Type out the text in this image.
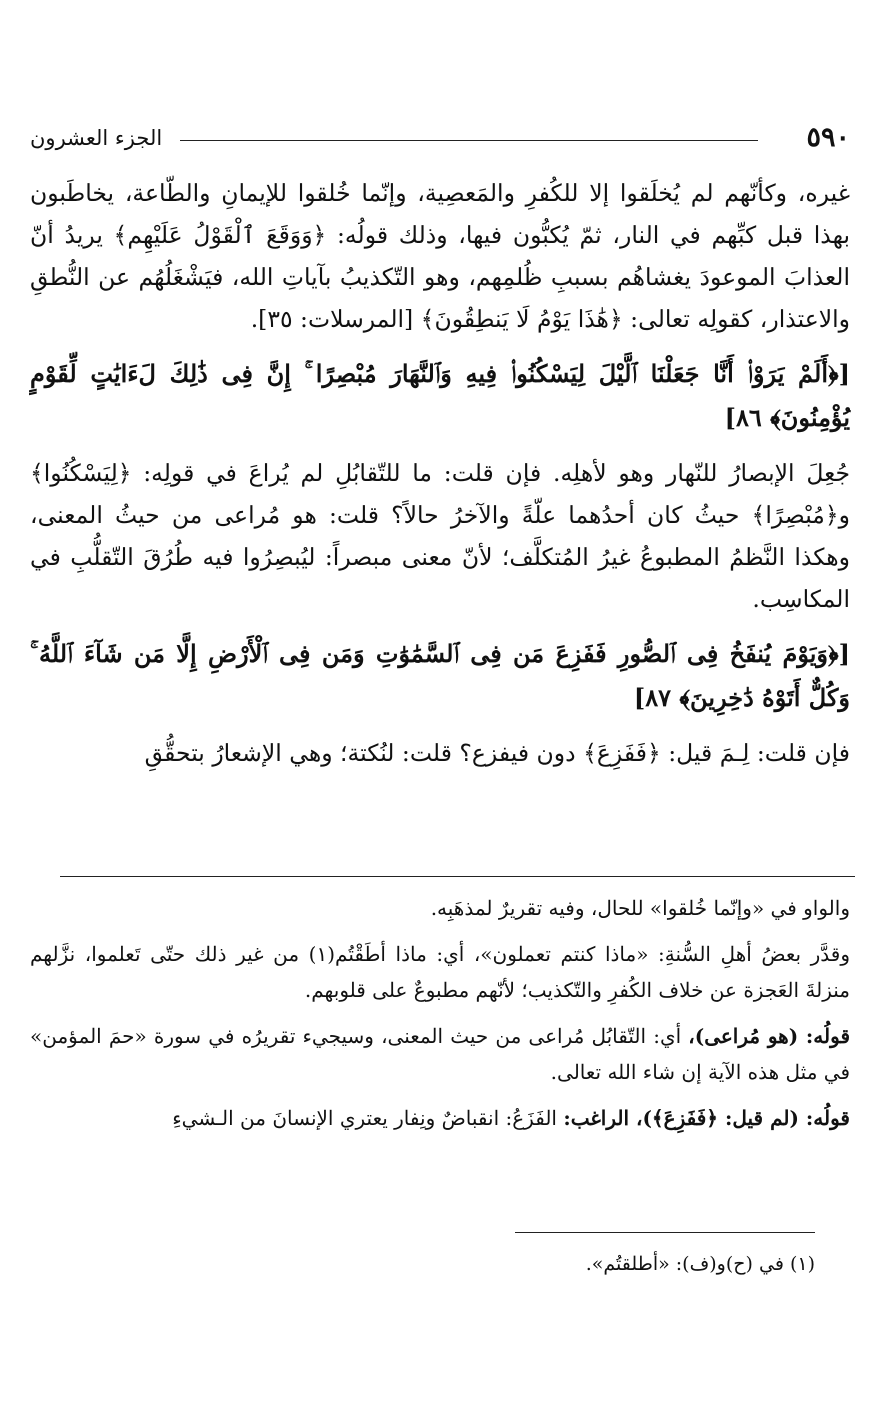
٥٩٠
الجزء العشرون

غيره، وكأنّهم لم يُخلَقوا إلا للكُفرِ والمَعصِية، وإنّما خُلقوا للإيمانِ والطّاعة، يخاطَبون بهذا قبل كبِّهم في النار، ثمّ يُكبُّون فيها، وذلك قولُه: ﴿وَوَقَعَ ٱلْقَوْلُ عَلَيْهِم﴾ يريدُ أنّ العذابَ الموعودَ يغشاهُم بسببِ ظُلمِهم، وهو التّكذيبُ بآياتِ الله، فيَشْغَلُهُم عن النُّطقِ والاعتذار، كقولِه تعالى: ﴿هَٰذَا يَوْمُ لَا يَنطِقُونَ﴾ [المرسلات: ٣٥].

[﴿أَلَمْ يَرَوْا۟ أَنَّا جَعَلْنَا ٱلَّيْلَ لِيَسْكُنُوا۟ فِيهِ وَٱلنَّهَارَ مُبْصِرًا ۚ إِنَّ فِى ذَٰلِكَ لَءَايَٰتٍ لِّقَوْمٍ يُؤْمِنُونَ﴾ ٨٦]

جُعِلَ الإبصارُ للنّهار وهو لأهلِه. فإن قلت: ما للتّقابُلِ لم يُراعَ في قولِه: ﴿لِيَسْكُنُوا﴾ و﴿مُبْصِرًا﴾ حيثُ كان أحدُهما علّةً والآخرُ حالاً؟ قلت: هو مُراعى من حيثُ المعنى، وهكذا النَّظمُ المطبوعُ غيرُ المُتكلَّف؛ لأنّ معنى مبصراً: ليُبصِرُوا فيه طُرُقَ التّقلُّبِ في المكاسِب.

[﴿وَيَوْمَ يُنفَخُ فِى ٱلصُّورِ فَفَزِعَ مَن فِى ٱلسَّمَٰوَٰتِ وَمَن فِى ٱلْأَرْضِ إِلَّا مَن شَآءَ ٱللَّهُ ۚ وَكُلٌّ أَتَوْهُ دَٰخِرِينَ﴾ ٨٧]

فإن قلت: لِـمَ قيل: ﴿فَفَزِعَ﴾ دون فيفزع؟ قلت: لنُكتة؛ وهي الإشعارُ بتحقُّقِ

والواو في «وإنّما خُلقوا» للحال، وفيه تقريرٌ لمذهَبِه.

وقدَّر بعضُ أهلِ السُّنةِ: «ماذا كنتم تعملون»، أي: ماذا أطَقْتُم(١) من غير ذلك حتّى تَعلموا، نزَّلهم منزلةَ العَجزة عن خلاف الكُفرِ والتّكذيب؛ لأنّهم مطبوعٌ على قلوبهم.

قولُه: (هو مُراعى)، أي: التّقابُل مُراعى من حيث المعنى، وسيجيء تقريرُه في سورة «حمَ المؤمن» في مثل هذه الآية إن شاء الله تعالى.

قولُه: (لم قيل: ﴿فَفَزِعَ﴾)، الراغب: الفَزَعُ: انقباضٌ ونِفار يعتري الإنسانَ من الـشيءِ

(١) في (ح)و(ف): «أطلقتُم».
